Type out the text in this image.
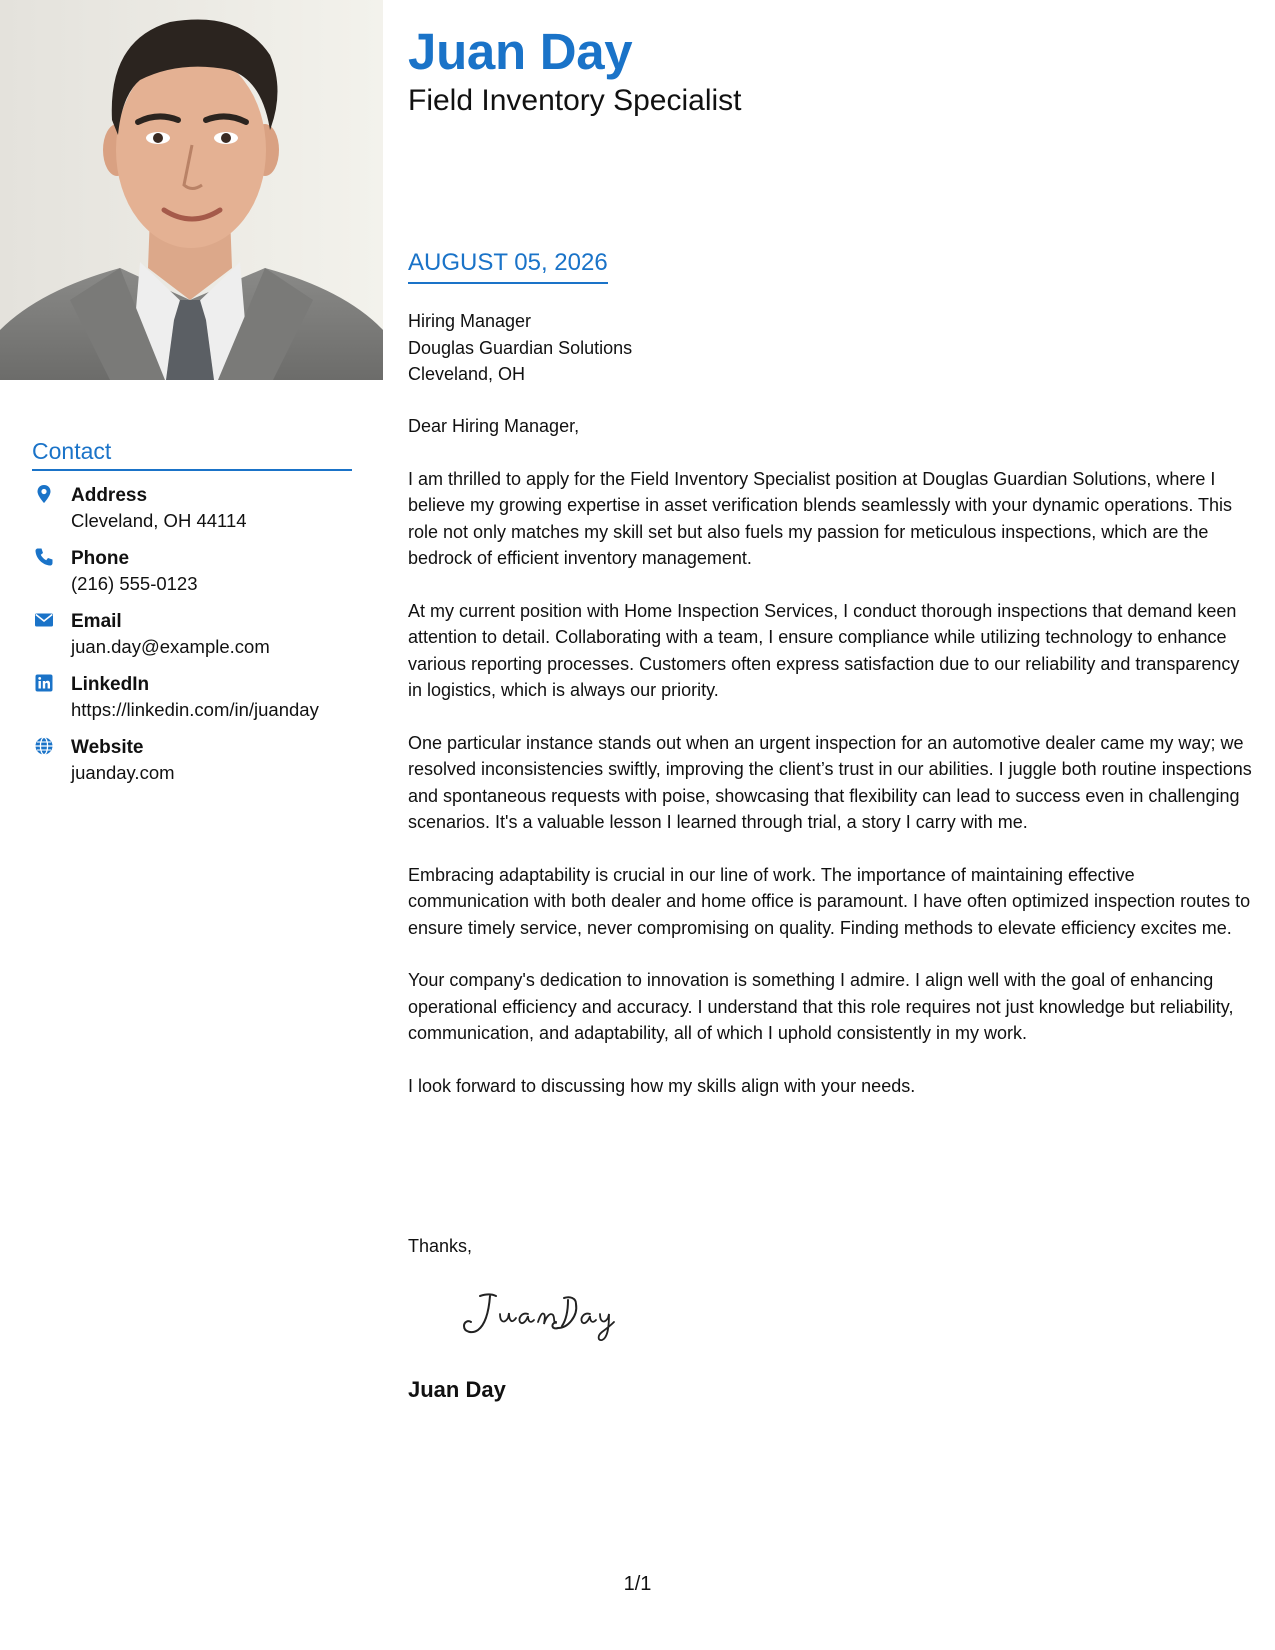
Contact
Address
Cleveland, OH 44114
Phone
(216) 555-0123
Email
juan.day@example.com
LinkedIn
https://linkedin.com/in/juanday
Website
juanday.com
Juan Day
Field Inventory Specialist
AUGUST 05, 2026
Hiring Manager
Douglas Guardian Solutions
Cleveland, OH

Dear Hiring Manager,

I am thrilled to apply for the Field Inventory Specialist position at Douglas Guardian Solutions, where I believe my growing expertise in asset verification blends seamlessly with your dynamic operations. This role not only matches my skill set but also fuels my passion for meticulous inspections, which are the bedrock of efficient inventory management.

At my current position with Home Inspection Services, I conduct thorough inspections that demand keen attention to detail. Collaborating with a team, I ensure compliance while utilizing technology to enhance various reporting processes. Customers often express satisfaction due to our reliability and transparency in logistics, which is always our priority.

One particular instance stands out when an urgent inspection for an automotive dealer came my way; we resolved inconsistencies swiftly, improving the client’s trust in our abilities. I juggle both routine inspections and spontaneous requests with poise, showcasing that flexibility can lead to success even in challenging scenarios. It's a valuable lesson I learned through trial, a story I carry with me.

Embracing adaptability is crucial in our line of work. The importance of maintaining effective communication with both dealer and home office is paramount. I have often optimized inspection routes to ensure timely service, never compromising on quality. Finding methods to elevate efficiency excites me.

Your company's dedication to innovation is something I admire. I align well with the goal of enhancing operational efficiency and accuracy. I understand that this role requires not just knowledge but reliability, communication, and adaptability, all of which I uphold consistently in my work.

I look forward to discussing how my skills align with your needs.

Thanks,
Juan Day
1/1
